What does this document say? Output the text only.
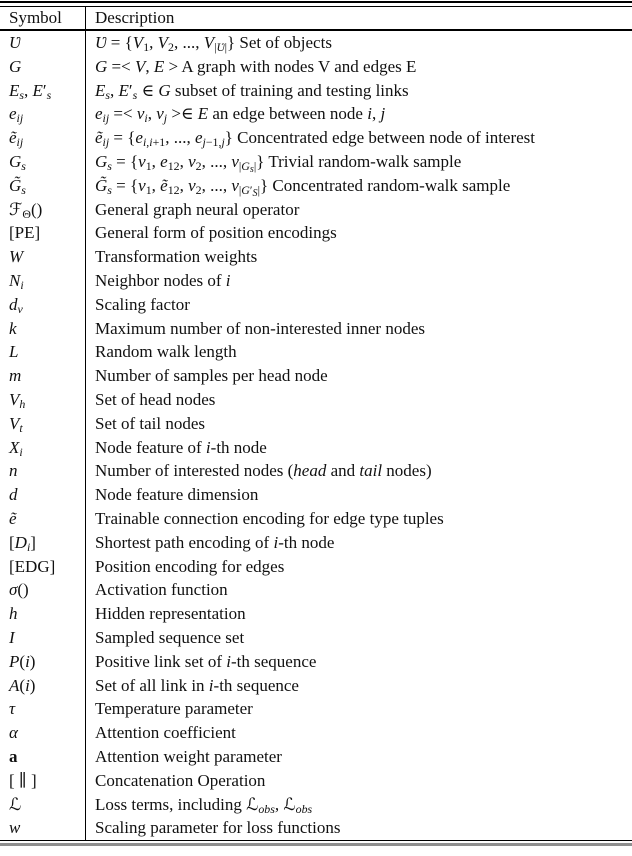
Symbol	Description
Ʋ	Ʋ = {$V_1$, $V_2$, ..., $V_{|Ʋ|}$} Set of objects
G	G =< V, E > A graph with nodes V and edges E
$E_s$, $E'_s$	$E_s$, $E'_s$ ∈ G subset of training and testing links
$e_{ij}$	$e_{ij} =< v_i$, $v_j$ >∈ E an edge between node i, j
ẽ$_{ij}$	ẽ$_{ij}$ = {$e_{i,i+1}$, ..., $e_{j-1,j}$} Concentrated edge between node of interest
$G_s$	$G_s = \{v_1$, $e_{12}$, $v_2$, ..., $v_{|G_s|}$} Trivial random-walk sample
$G̃_s$	$G̃_s = \{v_1$, ẽ$_{12}$, $v_2$, ..., $v_{|G'_S|}$} Concentrated random-walk sample
ℱ$_\Theta$()	General graph neural operator
[PE]	General form of position encodings
W	Transformation weights
$N_i$	Neighbor nodes of i
$d_v$	Scaling factor
k	Maximum number of non-interested inner nodes
L	Random walk length
m	Number of samples per head node
$V_h$	Set of head nodes
$V_t$	Set of tail nodes
$X_i$	Node feature of i-th node
n	Number of interested nodes (head and tail nodes)
d	Node feature dimension
ẽ	Trainable connection encoding for edge type tuples
$[D_i]$	Shortest path encoding of i-th node
[EDG]	Position encoding for edges
σ()	Activation function
h	Hidden representation
I	Sampled sequence set
P(i)	Positive link set of i-th sequence
A(i)	Set of all link in i-th sequence
τ	Temperature parameter
α	Attention coefficient
a	Attention weight parameter
[ ∥ ]	Concatenation Operation
ℒ	Loss terms, including ℒ$_{obs}$, ℒ$_{obs}$
w	Scaling parameter for loss functions
